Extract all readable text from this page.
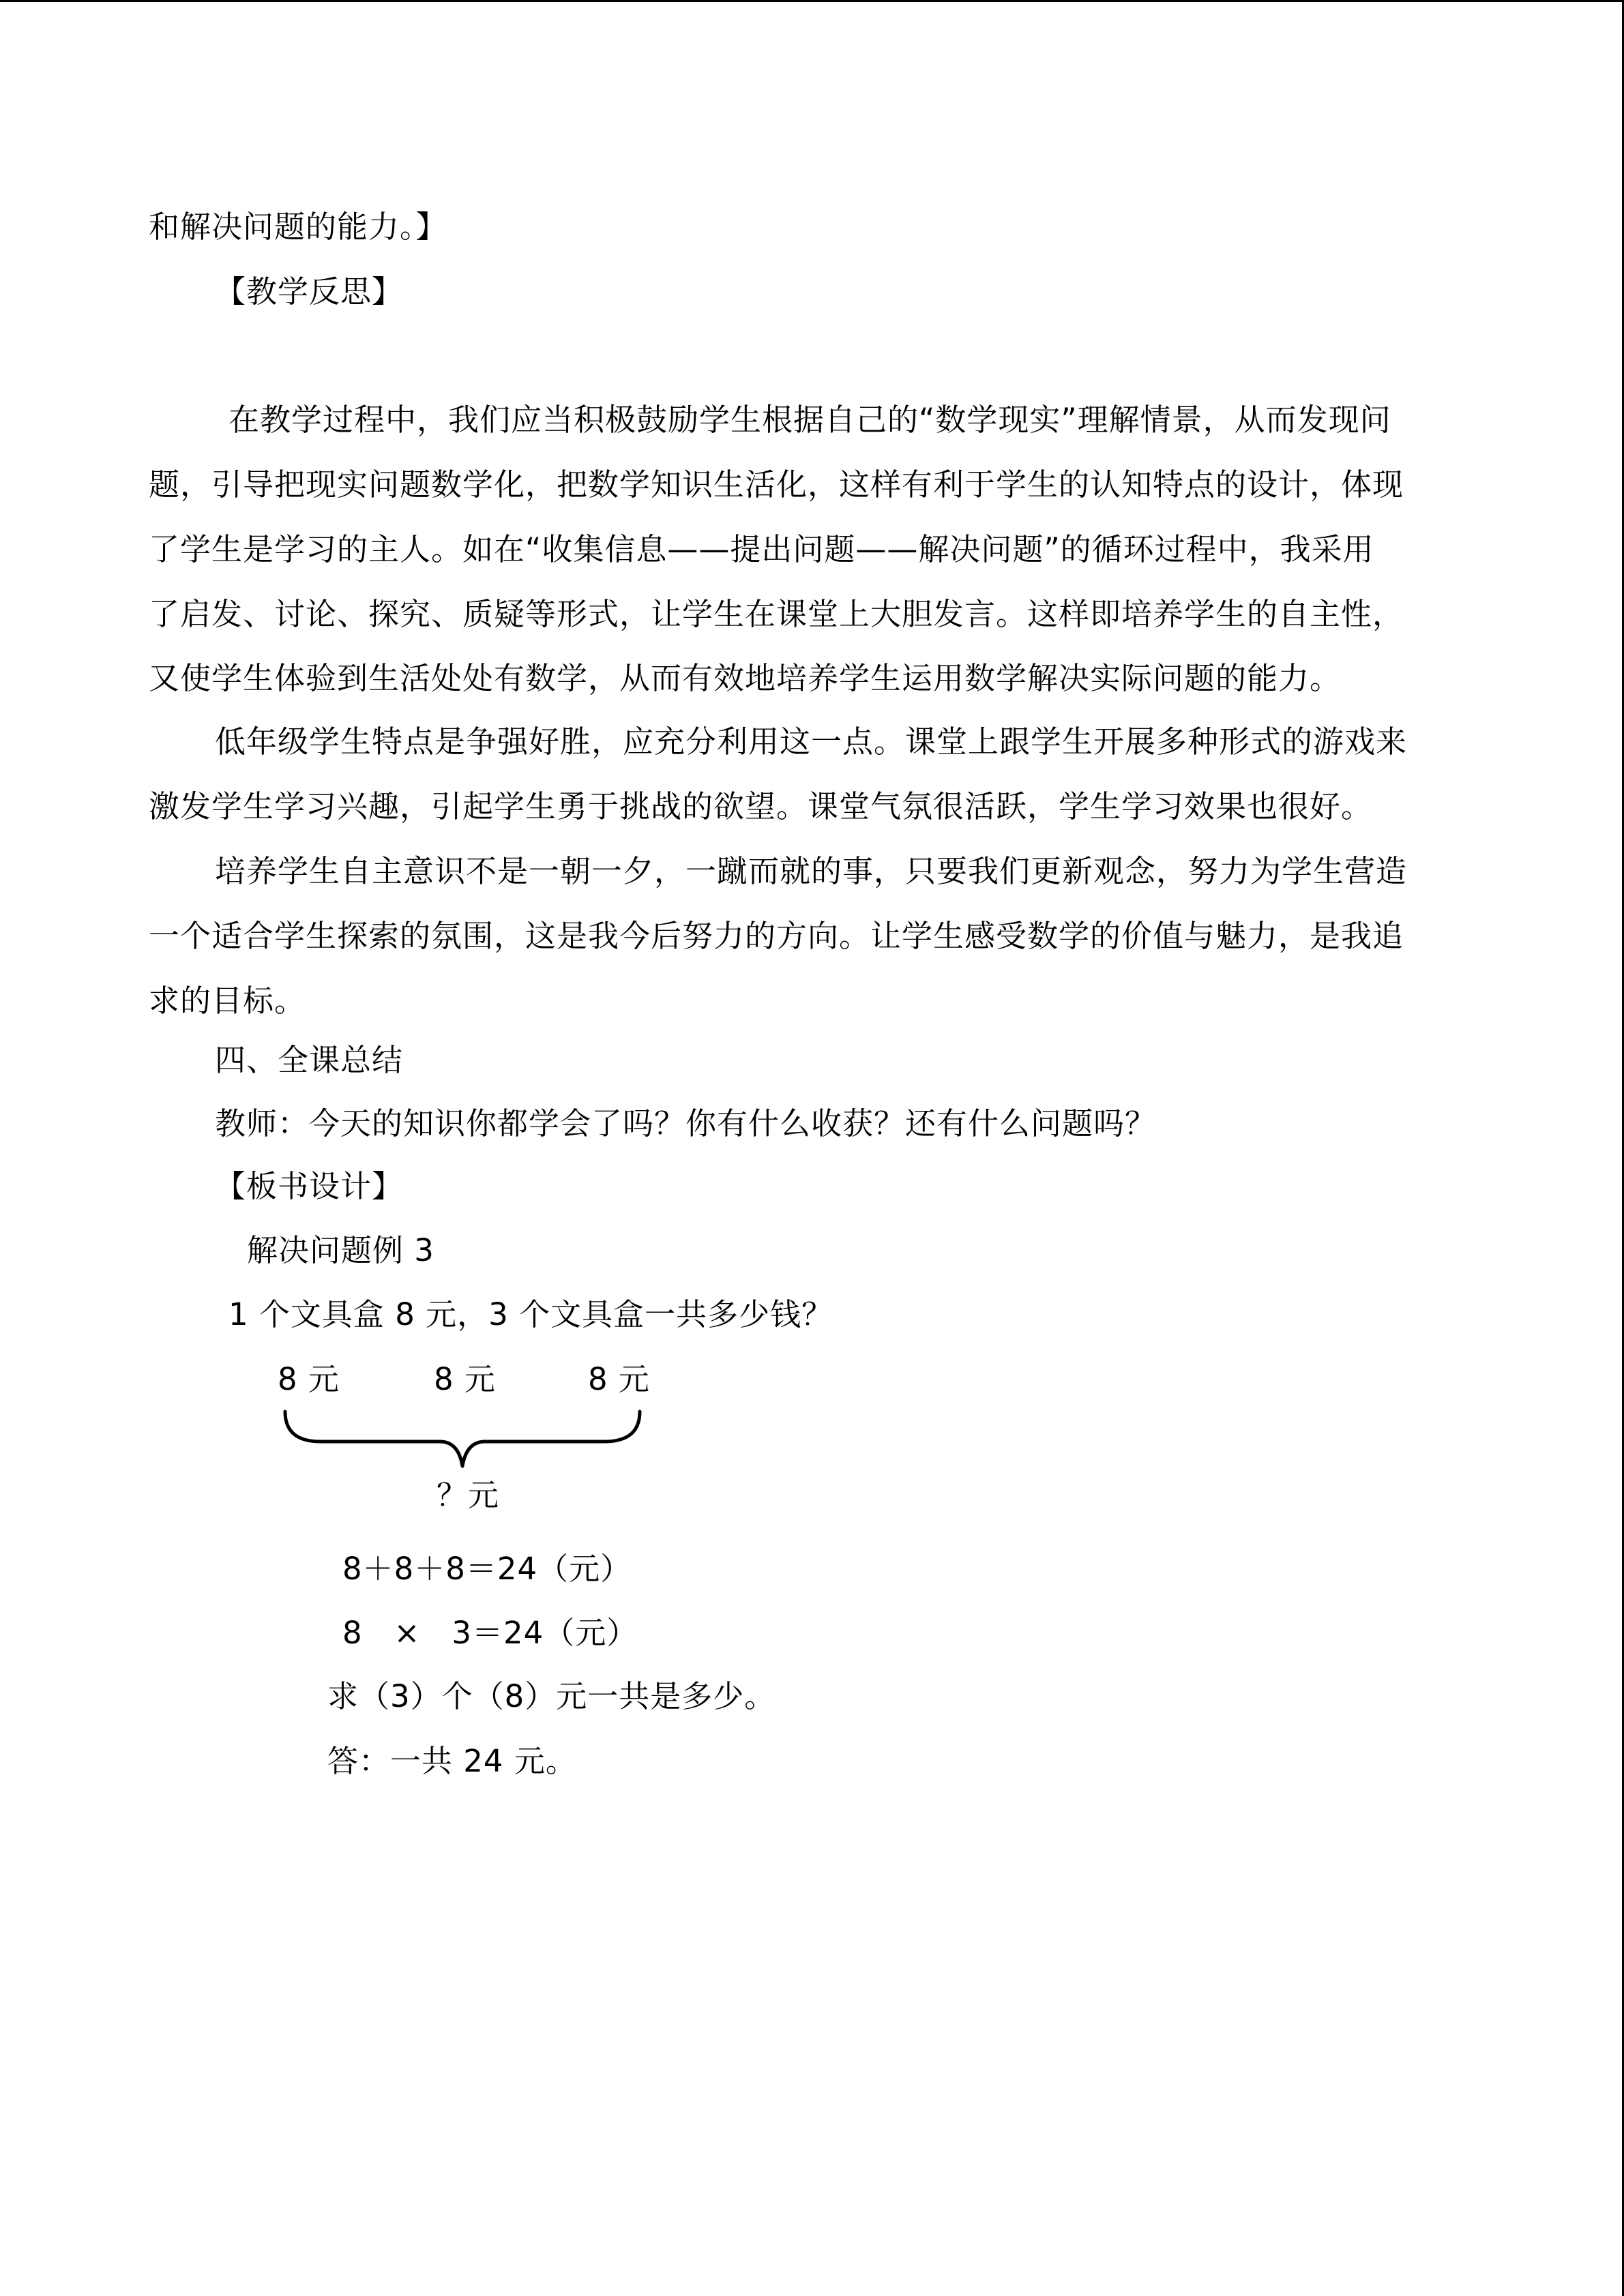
和解决问题的能力。】
【教学反思】
在教学过程中，我们应当积极鼓励学生根据自己的“数学现实”理解情景，从而发现问
题，引导把现实问题数学化，把数学知识生活化，这样有利于学生的认知特点的设计，体现
了学生是学习的主人。如在“收集信息——提出问题——解决问题”的循环过程中，我采用
了启发、讨论、探究、质疑等形式，让学生在课堂上大胆发言。这样即培养学生的自主性，
又使学生体验到生活处处有数学，从而有效地培养学生运用数学解决实际问题的能力。
低年级学生特点是争强好胜，应充分利用这一点。课堂上跟学生开展多种形式的游戏来
激发学生学习兴趣，引起学生勇于挑战的欲望。课堂气氛很活跃，学生学习效果也很好。
培养学生自主意识不是一朝一夕，一蹴而就的事，只要我们更新观念，努力为学生营造
一个适合学生探索的氛围，这是我今后努力的方向。让学生感受数学的价值与魅力，是我追
求的目标。
四、全课总结
教师：今天的知识你都学会了吗？你有什么收获？还有什么问题吗？
【板书设计】
解决问题例 3
1 个文具盒 8 元，3 个文具盒一共多少钱？
8 元	8 元	8 元
？元
8＋8＋8＝24（元）
8　×　3＝24（元）
求（3）个（8）元一共是多少。
答：一共 24 元。
